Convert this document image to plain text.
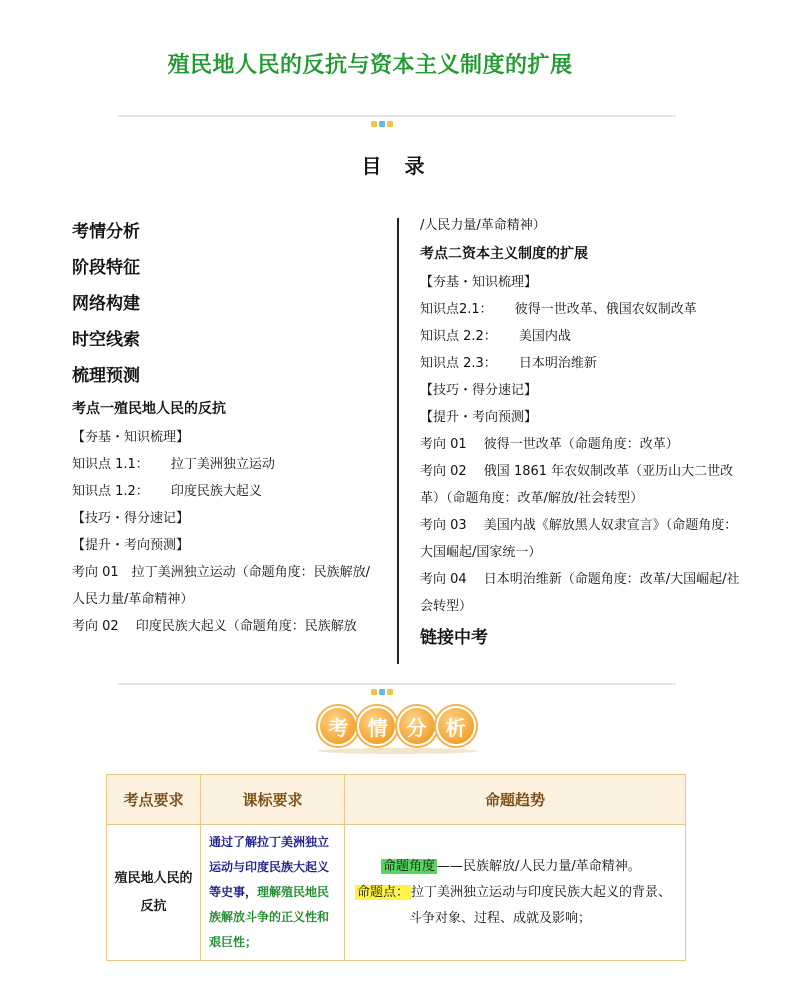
殖民地人民的反抗与资本主义制度的扩展
目 录
考情分析
阶段特征
网络构建
时空线索
梳理预测
考点一殖民地人民的反抗
【夯基・知识梳理】
知识点 1.1： 拉丁美洲独立运动
知识点 1.2： 印度民族大起义
【技巧・得分速记】
【提升・考向预测】
考向 01　拉丁美洲独立运动（命题角度：民族解放/人民力量/革命精神）
考向 02　 印度民族大起义（命题角度：民族解放
/人民力量/革命精神）
考点二资本主义制度的扩展
【夯基・知识梳理】
知识点2.1： 彼得一世改革、俄国农奴制改革
知识点 2.2： 美国内战
知识点 2.3： 日本明治维新
【技巧・得分速记】
【提升・考向预测】
考向 01　 彼得一世改革（命题角度：改革）
考向 02　 俄国 1861 年农奴制改革（亚历山大二世改革）（命题角度：改革/解放/社会转型）
考向 03　 美国内战《解放黑人奴隶宣言》（命题角度：大国崛起/国家统一）
考向 04　 日本明治维新（命题角度：改革/大国崛起/社会转型）
链接中考
考 情 分 析
考点要求	课标要求	命题趋势
殖民地人民的反抗	通过了解拉丁美洲独立运动与印度民族大起义等史事，理解殖民地民族解放斗争的正义性和艰巨性；	命题角度 ——民族解放/人民力量/革命精神。
命题点： 拉丁美洲独立运动与印度民族大起义的背景、
斗争对象、过程、成就及影响；
